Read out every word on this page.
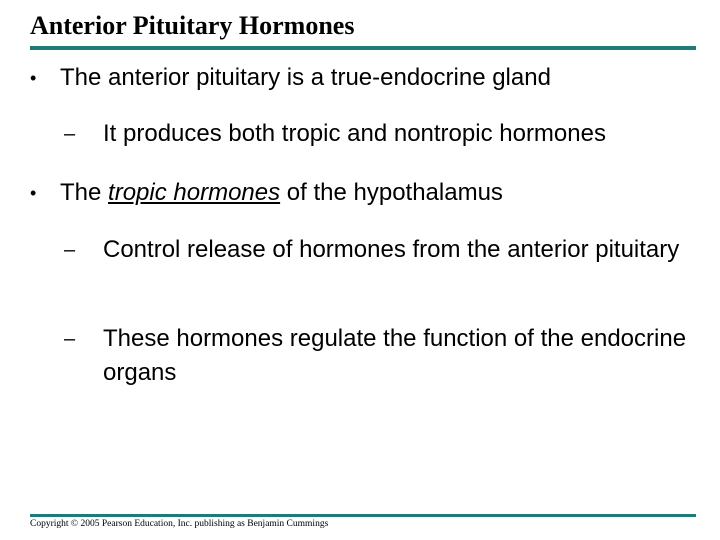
Anterior Pituitary Hormones
• The anterior pituitary is a true-endocrine gland
– It produces both tropic and nontropic hormones
• The tropic hormones of the hypothalamus
– Control release of hormones from the anterior pituitary
– These hormones regulate the function of the endocrine organs
Copyright © 2005 Pearson Education, Inc. publishing as Benjamin Cummings
